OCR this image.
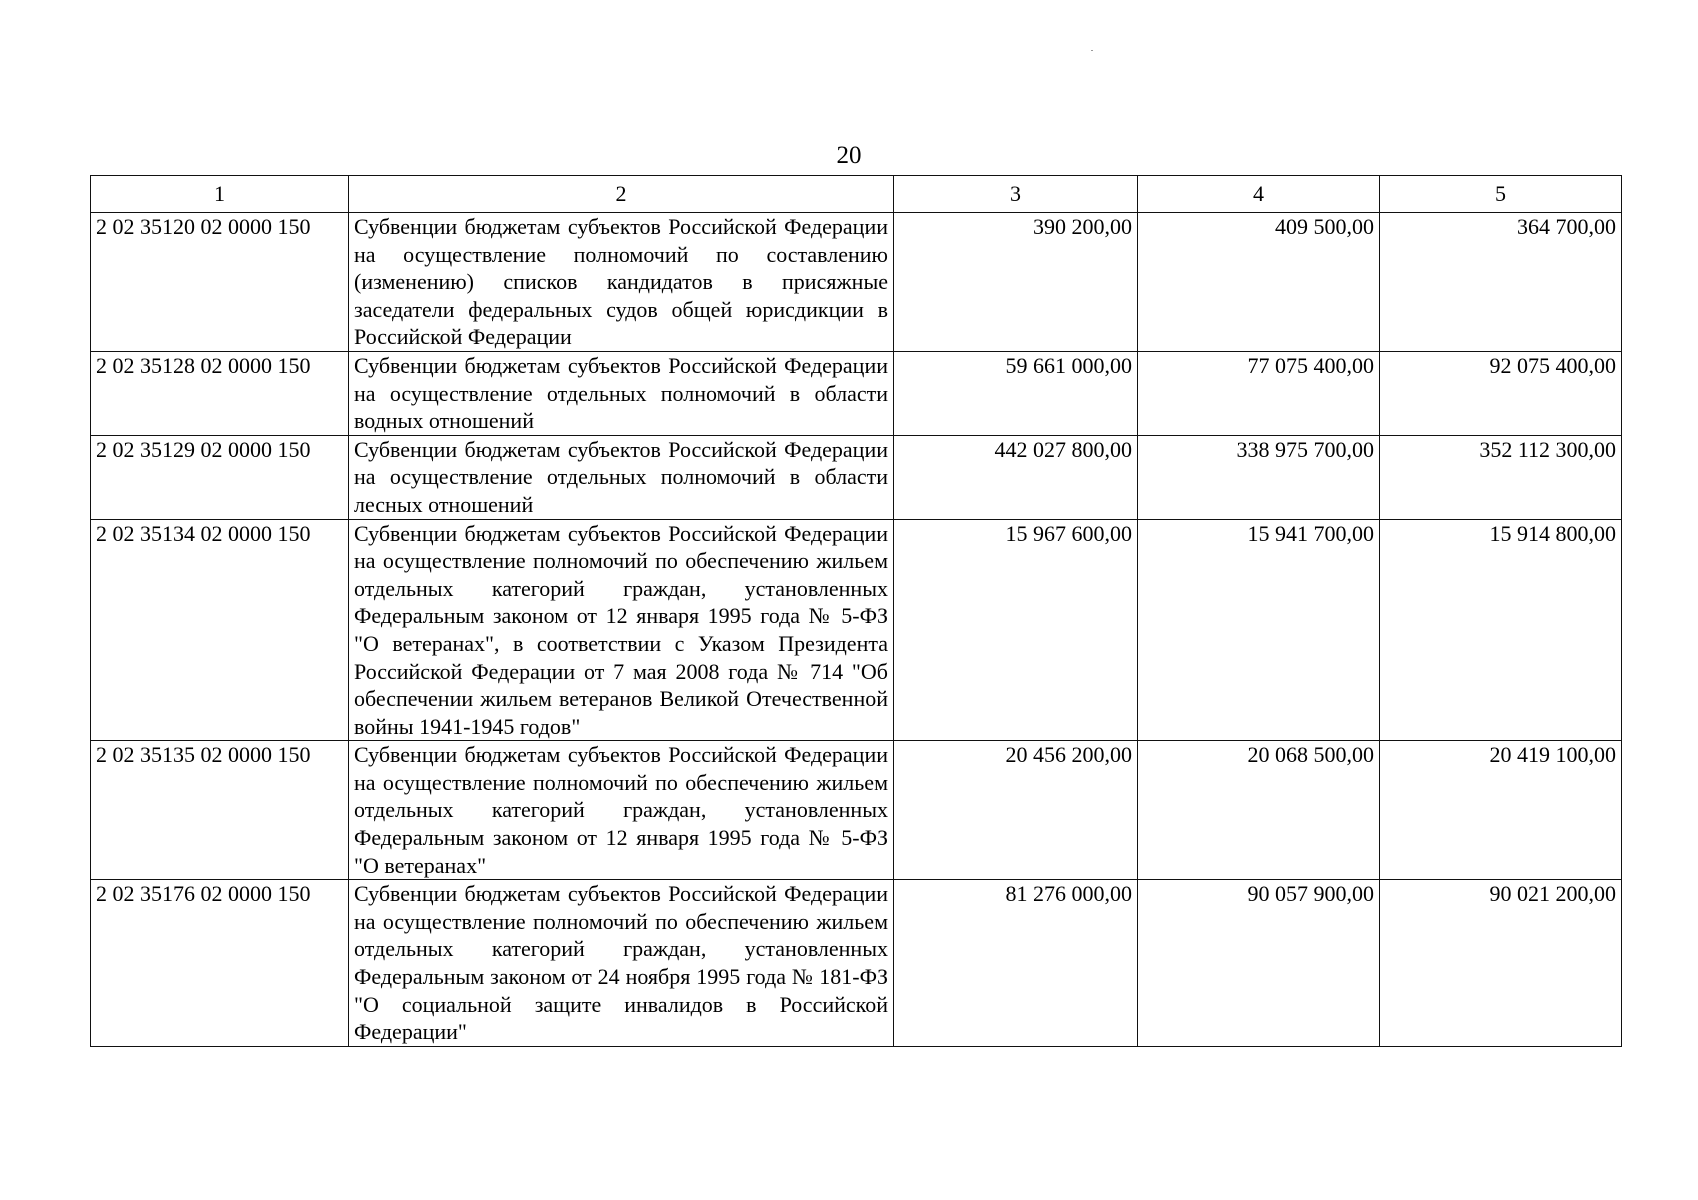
20
1	2	3	4	5
2 02 35120 02 0000 150	Субвенции бюджетам субъектов Российской Федерации на осуществление полномочий по составлению (изменению) списков кандидатов в присяжные заседатели федеральных судов общей юрисдикции в Российской Федерации	390 200,00	409 500,00	364 700,00
2 02 35128 02 0000 150	Субвенции бюджетам субъектов Российской Федерации на осуществление отдельных полномочий в области водных отношений	59 661 000,00	77 075 400,00	92 075 400,00
2 02 35129 02 0000 150	Субвенции бюджетам субъектов Российской Федерации на осуществление отдельных полномочий в области лесных отношений	442 027 800,00	338 975 700,00	352 112 300,00
2 02 35134 02 0000 150	Субвенции бюджетам субъектов Российской Федерации на осуществление полномочий по обеспечению жильем отдельных категорий граждан, установленных Федеральным законом от 12 января 1995 года № 5-ФЗ "О ветеранах", в соответствии с Указом Президента Российской Федерации от 7 мая 2008 года № 714 "Об обеспечении жильем ветеранов Великой Отечественной войны 1941-1945 годов"	15 967 600,00	15 941 700,00	15 914 800,00
2 02 35135 02 0000 150	Субвенции бюджетам субъектов Российской Федерации на осуществление полномочий по обеспечению жильем отдельных категорий граждан, установленных Федеральным законом от 12 января 1995 года № 5-ФЗ "О ветеранах"	20 456 200,00	20 068 500,00	20 419 100,00
2 02 35176 02 0000 150	Субвенции бюджетам субъектов Российской Федерации на осуществление полномочий по обеспечению жильем отдельных категорий граждан, установленных Федеральным законом от 24 ноября 1995 года № 181-ФЗ "О социальной защите инвалидов в Российской Федерации"	81 276 000,00	90 057 900,00	90 021 200,00
